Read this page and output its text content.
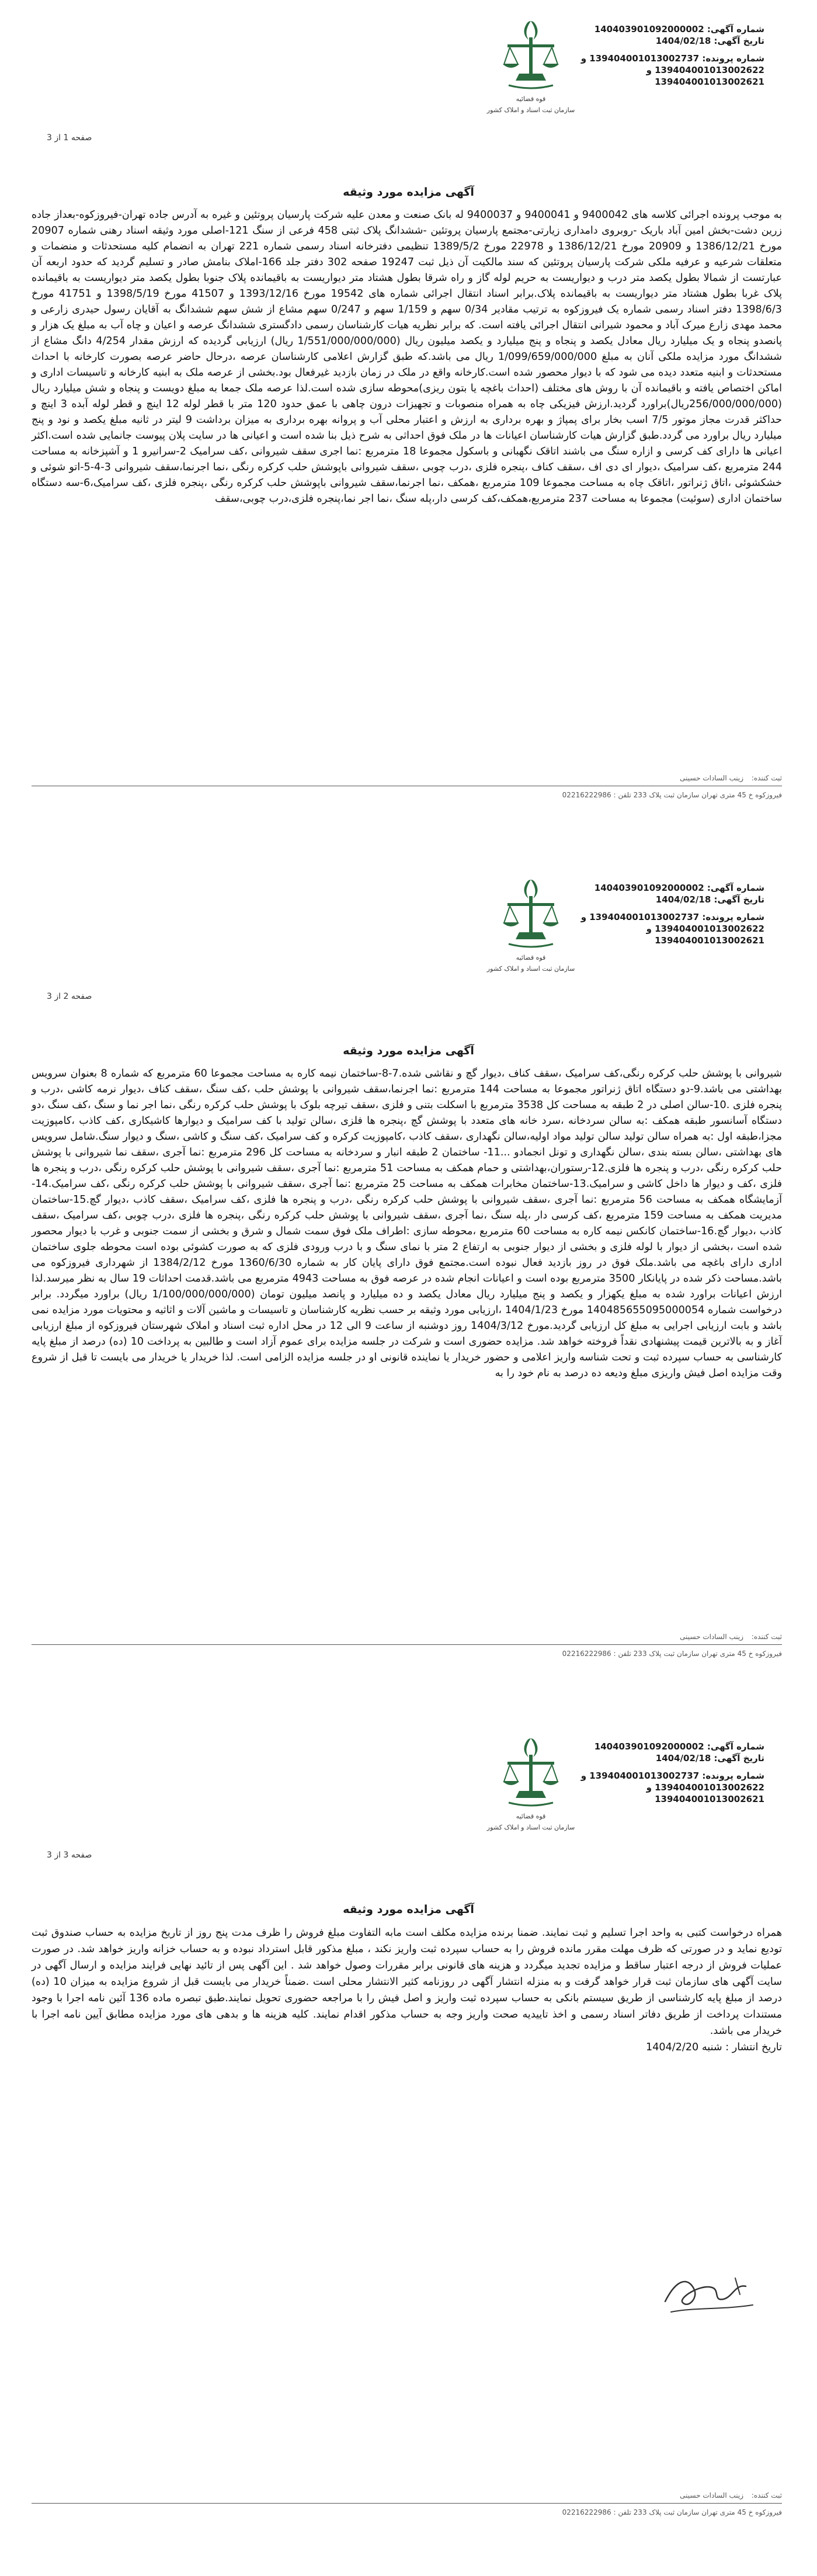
شماره آگهی: 140403901092000002
تاریخ آگهی: 1404/02/18
شماره پرونده: 139404001013002737 و
139404001013002622 و
139404001013002621
قوه قضائیه
سازمان ثبت اسناد و املاک کشور
صفحه 1 از 3
آگهی مزایده مورد وثیقه
به موجب پرونده اجرائی کلاسه های 9400042 و 9400041 و 9400037 له بانک صنعت و معدن علیه شرکت پارسیان پروتئین و غیره به آدرس جاده تهران-فیروزکوه-بعداز جاده زرین دشت-بخش امین آباد باریک -روبروی دامداری زیارتی-مجتمع پارسیان پروتئین -ششدانگ پلاک ثبتی 458 فرعی از سنگ 121-اصلی مورد وثیقه اسناد رهنی شماره 20907 مورخ 1386/12/21 و 20909 مورخ 1386/12/21 و 22978 مورخ 1389/5/2 تنظیمی دفترخانه اسناد رسمی شماره 221 تهران به انضمام کلیه مستحدثات و منضمات و متعلقات شرعیه و عرفیه ملکی شرکت پارسیان پروتئین که سند مالکیت آن ذیل ثبت 19247 صفحه 302 دفتر جلد 166-املاک بنامش صادر و تسلیم گردید که حدود اربعه آن عبارتست از شمالا بطول یکصد متر درب و دیواریست به حریم لوله گاز و راه شرقا بطول هشتاد متر دیواریست به باقیمانده پلاک جنوبا بطول یکصد متر دیواریست به باقیمانده پلاک غربا بطول هشتاد متر دیواریست به باقیمانده پلاک.برابر اسناد انتقال اجرائی شماره های 19542 مورخ 1393/12/16 و 41507 مورخ 1398/5/19 و 41751 مورخ 1398/6/3 دفتر اسناد رسمی شماره یک فیروزکوه به ترتیب مقادیر 0/34 سهم و 1/159 سهم و 0/247 سهم مشاع از شش سهم ششدانگ به آقایان رسول حیدری زارعی و محمد مهدی زارع میرک آباد و محمود شیرانی انتقال اجرائی یافته است. که برابر نظریه هیات کارشناسان رسمی دادگستری ششدانگ عرصه و اعیان و چاه آب به مبلغ یک هزار و پانصدو پنجاه و یک میلیارد ریال معادل یکصد و پنجاه و پنج میلیارد و یکصد میلیون ریال (1/551/000/000/000 ریال) ارزیابی گردیده که ارزش مقدار 4/254 دانگ مشاع از ششدانگ مورد مزایده ملکی آنان به مبلغ 1/099/659/000/000 ریال می باشد.که طبق گزارش اعلامی کارشناسان عرصه ،درحال حاضر عرصه بصورت کارخانه با احداث مستحدثات و ابنیه متعدد دیده می شود که با دیوار محصور شده است.کارخانه واقع در ملک در زمان بازدید غیرفعال بود.بخشی از عرصه ملک به ابنیه کارخانه و تاسیسات اداری و اماکن اختصاص یافته و باقیمانده آن با روش های مختلف (احداث باغچه یا بتون ریزی)محوطه سازی شده است.لذا عرصه ملک جمعا به مبلغ دویست و پنجاه و شش میلیارد ریال (256/000/000/000ریال)براورد گردید.ارزش فیزیکی چاه به همراه منصوبات و تجهیزات درون چاهی با عمق حدود 120 متر با قطر لوله 12 اینچ و قطر لوله آبده 3 اینچ و حداکثر قدرت مجاز موتور 7/5 اسب بخار برای پمپاژ و بهره برداری به ارزش و اعتبار محلی آب و پروانه بهره برداری به میزان برداشت 9 لیتر در ثانیه مبلغ یکصد و نود و پنج میلیارد ریال براورد می گردد.طبق گزارش هیات کارشناسان اعیانات ها در ملک فوق احداثی به شرح ذیل بنا شده است و اعیانی ها در سایت پلان پیوست جانمایی شده است.اکثر اعیانی ها دارای کف کرسی و ازاره سنگ می باشند اتاقک نگهبانی و باسکول مجموعا 18 مترمربع :نما اجری سقف شیروانی ،کف سرامیک 2-سرانیرو 1 و آشپزخانه به مساحت 244 مترمربع ،کف سرامیک ،دیوار ای دی اف ،سقف کناف ،پنجره فلزی ،درب چوبی ،سقف شیروانی باپوشش حلب کرکره رنگی ،نما اجرنما،سقف شیروانی 3-4-5-اتو شوئی و خشکشوئی ،اتاق ژنراتور ،اتاقک چاه به مساحت مجموعا 109 مترمربع ،همکف ،نما اجرنما،سقف شیروانی باپوشش حلب کرکره رنگی ،پنجره فلزی ،کف سرامیک،6-سه دستگاه ساختمان اداری (سوئیت) مجموعا به مساحت 237 مترمربع،همکف،کف کرسی دار،پله سنگ ،نما اجر نما،پنجره فلزی،درب چوبی،سقف
ثبت کننده: زینب السادات حسینی
فیروزکوه خ 45 متری تهران سازمان ثبت پلاک 233 تلفن : 02216222986
شماره آگهی: 140403901092000002
تاریخ آگهی: 1404/02/18
شماره پرونده: 139404001013002737 و
139404001013002622 و
139404001013002621
قوه قضائیه
سازمان ثبت اسناد و املاک کشور
صفحه 2 از 3
آگهی مزایده مورد وثیقه
شیروانی با پوشش حلب کرکره رنگی،کف سرامیک ،سقف کناف ،دیوار گچ و نقاشی شده.7-8-ساختمان نیمه کاره به مساحت مجموعا 60 مترمربع که شماره 8 بعنوان سرویس بهداشتی می باشد.9-دو دستگاه اتاق ژنراتور مجموعا به مساحت 144 مترمربع :نما اجرنما،سقف شیروانی با پوشش حلب ،کف سنگ ،سقف کناف ،دیوار نرمه کاشی ،درب و پنجره فلزی .10-سالن اصلی در 2 طبقه به مساحت کل 3538 مترمربع با اسکلت بتنی و فلزی ،سقف تیرچه بلوک با پوشش حلب کرکره رنگی ،نما اجر نما و سنگ ،کف سنگ ،دو دستگاه آسانسور طبقه همکف :به سالن سردخانه ،سرد خانه های متعدد با پوشش گچ ،پنجره ها فلزی ،سالن تولید با کف سرامیک و دیوارها کاشیکاری ،کف کاذب ،کامپوزیت مجزا،طبقه اول :به همراه سالن تولید سالن تولید مواد اولیه،سالن نگهداری ،سقف کاذب ،کامپوزیت کرکره و کف سرامیک ،کف سنگ و کاشی ،سنگ و دیوار سنگ.شامل سرویس های بهداشتی ،سالن بسته بندی ،سالن نگهداری و تونل انجمادو ...11- ساختمان 2 طبقه انبار و سردخانه به مساحت کل 296 مترمربع :نما آجری ،سقف نما شیروانی با پوشش حلب کرکره رنگی ،درب و پنجره ها فلزی.12-رستوران،بهداشتی و حمام همکف به مساحت 51 مترمربع :نما آجری ،سقف شیروانی با پوشش حلب کرکره رنگی ،درب و پنجره ها فلزی ،کف و دیوار ها داخل کاشی و سرامیک.13-ساختمان مخابرات همکف به مساحت 25 مترمربع :نما آجری ،سقف شیروانی با پوشش حلب کرکره رنگی ،کف سرامیک.14-آزمایشگاه همکف به مساحت 56 مترمربع :نما آجری ،سقف شیروانی با پوشش حلب کرکره رنگی ،درب و پنجره ها فلزی ،کف سرامیک ،سقف کاذب ،دیوار گچ.15-ساختمان مدیریت همکف به مساحت 159 مترمربع ،کف کرسی دار ،پله سنگ ،نما آجری ،سقف شیروانی با پوشش حلب کرکره رنگی ،پنجره ها فلزی ،درب چوبی ،کف سرامیک ،سقف کاذب ،دیوار گچ.16-ساختمان کانکس نیمه کاره به مساحت 60 مترمربع ،محوطه سازی :اطراف ملک فوق سمت شمال و شرق و بخشی از سمت جنوبی و غرب با دیوار محصور شده است ،بخشی از دیوار با لوله فلزی و بخشی از دیوار جنوبی به ارتفاع 2 متر با نمای سنگ و با درب ورودی فلزی که به صورت کشوئی بوده است محوطه جلوی ساختمان اداری دارای باغچه می باشد.ملک فوق در روز بازدید فعال نبوده است.مجتمع فوق دارای پایان کار به شماره 1360/6/30 مورخ 1384/2/12 از شهرداری فیروزکوه می باشد.مساحت ذکر شده در پایانکار 3500 مترمربع بوده است و اعیانات انجام شده در عرصه فوق به مساحت 4943 مترمربع می باشد.قدمت احداثات 19 سال به نظر میرسد.لذا ارزش اعیانات براورد شده به مبلغ یکهزار و یکصد و پنج میلیارد ریال معادل یکصد و ده میلیارد و پانصد میلیون تومان (1/100/000/000/000 ریال) براورد میگردد. برابر درخواست شماره 140485655095000054 مورخ 1404/1/23 ،ارزیابی مورد وثیقه بر حسب نظریه کارشناسان و تاسیسات و ماشین آلات و اثاثیه و محتویات مورد مزایده نمی باشد و بابت ارزیابی اجرایی به مبلغ کل ارزیابی گردید.مورخ 1404/3/12 روز دوشنبه از ساعت 9 الی 12 در محل اداره ثبت اسناد و املاک شهرستان فیروزکوه از مبلغ ارزیابی آغاز و به بالاترین قیمت پیشنهادی نقداً فروخته خواهد شد. مزایده حضوری است و شرکت در جلسه مزایده برای عموم آزاد است و طالبین به پرداخت 10 (ده) درصد از مبلغ پایه کارشناسی به حساب سپرده ثبت و تحت شناسه واریز اعلامی و حضور خریدار یا نماینده قانونی او در جلسه مزایده الزامی است. لذا خریدار یا خریدار می بایست تا قبل از شروع وقت مزایده اصل فیش واریزی مبلغ ودیعه ده درصد به نام خود را به
ثبت کننده: زینب السادات حسینی
فیروزکوه خ 45 متری تهران سازمان ثبت پلاک 233 تلفن : 02216222986
شماره آگهی: 140403901092000002
تاریخ آگهی: 1404/02/18
شماره پرونده: 139404001013002737 و
139404001013002622 و
139404001013002621
قوه قضائیه
سازمان ثبت اسناد و املاک کشور
صفحه 3 از 3
آگهی مزایده مورد وثیقه
همراه درخواست کتبی به واحد اجرا تسلیم و ثبت نمایند. ضمنا برنده مزایده مکلف است مابه التفاوت مبلغ فروش را ظرف مدت پنج روز از تاریخ مزایده به حساب صندوق ثبت توديع نماید و در صورتی که ظرف مهلت مقرر مانده فروش را به حساب سپرده ثبت واریز نکند ، مبلغ مذکور قابل استرداد نبوده و به حساب خزانه واریز خواهد شد. در صورت عملیات فروش از درجه اعتبار ساقط و مزایده تجدید میگردد و هزینه های قانونی برابر مقررات وصول خواهد شد . این آگهی پس از تائید نهایی فرایند مزایده و ارسال آگهی در سایت آگهی های سازمان ثبت قرار خواهد گرفت و به منزله انتشار آگهی در روزنامه کثیر الانتشار محلی است .ضمناً خریدار می بایست قبل از شروع مزایده به میزان 10 (ده) درصد از مبلغ پایه کارشناسی از طریق سیستم بانکی به حساب سپرده ثبت واریز و اصل فیش را با مراجعه حضوری تحویل نمایند.طبق تبصره ماده 136 آئین نامه اجرا با وجود مستندات پرداخت از طریق دفاتر اسناد رسمی و اخذ تاییدیه صحت واریز وجه به حساب مذکور اقدام نمایند. کلیه هزینه ها و بدهی های مورد مزایده مطابق آیین نامه اجرا با خریدار می باشد.
تاریخ انتشار : شنبه 1404/2/20
ثبت کننده: زینب السادات حسینی
فیروزکوه خ 45 متری تهران سازمان ثبت پلاک 233 تلفن : 02216222986
